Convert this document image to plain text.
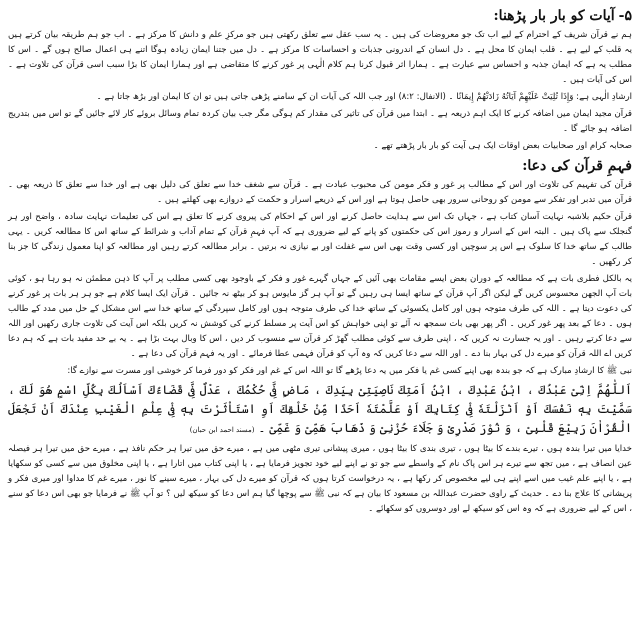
۵-آیات کو بار بار پڑھنا:

ہم نے قرآن شریف کے احترام کے لیے اب تک جو معروضات کی ہیں ۔ یہ سب عقل سے تعلق رکھتی ہیں جو مرکزِ علم و دانش کا مرکز ہے ۔ اب جو ہم طریقہ بیان کرتے ہیں یہ قلب کے لیے ہے ۔ قلب ایمان کا محل ہے ۔ دل انسان کے اندرونی جذبات و احساسات کا مرکز ہے ۔ دل میں جتنا ایمان زیادہ ہوگا اتنے ہی اعمال صالح ہوں گے ۔ اس کا مطلب یہ ہے کہ ایمان جذبہ و احساس سے عبارت ہے ۔ ہمارا اثر قبول کرنا ہم کلام الٰہی پر غور کرنے کا متقاضی ہے اور ہمارا ایمان کا بڑا سبب اسی قرآن کی تلاوت ہے ۔ اس کی آیات ہیں ۔

ارشادِ الٰہی ہے: وَإِذَا تُلِيَتْ عَلَيْهِمْ آيَاتُهُ زَادَتْهُمْ إِيمَانًا ۔ (الانفال: ۸:۲) اور جب اللہ کی آیات ان کے سامنے پڑھی جاتی ہیں تو ان کا ایمان اور بڑھ جاتا ہے ۔

قرآن مجید ایمان میں اضافہ کرنے کا ایک اہم ذریعہ ہے ۔ ابتدا میں قرآن کی تاثیر کی مقدار کم ہوگی مگر جب بیان کردہ تمام وسائل بروئے کار لائے جائیں گے تو اس میں بتدریج اضافہ ہو جائے گا ۔

صحابہ کرام اور صحابیات بعض اوقات ایک ہی آیت کو بار بار پڑھتے تھے ۔

فہمِ قرآن کی دعا:

قرآن کی تفہیم کی تلاوت اور اس کے مطالب پر غور و فکر مومن کی محبوب عبادت ہے ۔ قرآن سے شغف خدا سے تعلق کی دلیل بھی ہے اور خدا سے تعلق کا ذریعہ بھی ۔ قرآن میں تدبر اور تفکر سے مومن کو روحانی سرور بھی حاصل ہوتا ہے اور اس کے ذریعے اسرار و حکمت کے دروازے بھی کھلتے ہیں ۔

قرآن حکیم بلاشبہ نہایت آسان کتاب ہے ، جہاں تک اس سے ہدایت حاصل کرنے اور اس کے احکام کی پیروی کرنے کا تعلق ہے اس کی تعلیمات نہایت سادہ ، واضح اور ہر گنجلک سے پاک ہیں ۔ البتہ اس کے اسرار و رموز اس کی حکمتوں کو پانے کے لیے ضروری ہے کہ آپ فہمِ قرآن کے تمام آداب و شرائط کے ساتھ اس کا مطالعہ کریں ۔ یہی طالب کے ساتھ خدا کا سلوک ہے اس پر سوچیں اور کسی وقت بھی اس سے غفلت اور بے نیازی نہ برتیں ۔ برابر مطالعہ کرتے رہیں اور مطالعہ کو اپنا معمول زندگی کا جز بنا کر رکھیں ۔

یہ بالکل فطری بات ہے کہ مطالعہ کے دوران بعض ایسے مقامات بھی آئیں کے جہاں گہرے غور و فکر کے باوجود بھی کسی مطلب پر آپ کا ذہن مطمئن نہ ہو رہا ہو ، کوئی بات آپ الجھن محسوس کریں گے لیکن اگر آپ قرآن کے ساتھ ایسا ہی رہیں گے تو آپ ہر گز مایوس ہو کر بیٹھ نہ جائیں ۔ قرآن ایک ایسا کلام ہے جو ہر ہر بات پر غور کرنے کی دعوت دیتا ہے ۔ اللہ کی طرف متوجہ ہوں اور کامل یکسوئی کے ساتھ خدا کی طرف متوجہ ہوں اور کامل سپردگی کے ساتھ خدا سے اس مشکل کے حل میں مدد کے طالب ہوں ۔ دعا کے بعد پھر غور کریں ۔ اگر پھر بھی بات سمجھ نہ آئے تو اپنی خواہش کو اس آیت پر مسلط کرنے کی کوشش نہ کریں بلکہ اس آیت کی تلاوت جاری رکھیں اور اللہ سے دعا کرتے رہیں ۔ اور یہ جسارت نہ کریں کہ ، اپنی طرف سے کوئی مطلب گھڑ کر قرآن سے منسوب کر دیں ، اس کا وبال بہت بڑا ہے ۔ یہ بے حد مفید بات ہے کہ ہم دعا کریں اے اللہ قرآن کو میرے دل کی بہار بنا دے ۔ اور اللہ سے دعا کریں کہ وہ آپ کو قرآن فہمی عطا فرمائے ۔ اور یہ فہم قرآن کی دعا ہے ۔

نبی ﷺ کا ارشادِ مبارک ہے کہ جو بندہ بھی اپنے کسی غم یا فکر میں یہ دعا پڑھے گا تو اللہ اس کے غم اور فکر کو دور فرما کر خوشی اور مسرت سے نوازے گا:

اَللّٰهُمَّ اِنِّیْ عَبْدُكَ ، ابْنُ عَبْدِكَ ، ابْنُ اَمَتِكَ نَاصِیَتِیْ بِیَدِكَ ، مَاضٍ فِیَّ حُكْمُكَ ، عَدْلٌ فِیَّ قَضَاءُكَ اَسْاَلُكَ بِكُلِّ اسْمٍ هُوَ لَكَ ، سَمَّیْتَ بِهٖ نَفْسَكَ اَوْ اَنْزَلْتَهٗ فِیْ كِتَابِكَ اَوْ عَلَّمْتَهٗ اَحَدًا مِّنْ خَلْقِكَ اَوِ اسْتَاْثَرْتَ بِهٖ فِیْ عِلْمِ الْغَیْبِ عِنْدَكَ اَنْ تَجْعَلَ الْقُرْاٰنَ رَبِیْعَ قَلْبِیْ ، وَ نُوْرَ صَدْرِیْ وَ جَلَاءَ حُزْنِیْ وَ ذَهَابَ هَمِّیْ وَ غَمِّیْ ۔ (مسند احمد ابن حبان)

خدایا میں تیرا بندہ ہوں ، تیرے بندے کا بیٹا ہوں ، تیری بندی کا بیٹا ہوں ، میری پیشانی تیری مٹھی میں ہے ، میرے حق میں تیرا ہر حکم نافذ ہے ، میرے حق میں تیرا ہر فیصلہ عین انصاف ہے ، میں تجھ سے تیرے ہر اس پاک نام کے واسطے سے جو تو نے اپنے لیے خود تجویز فرمایا ہے ، یا اپنی کتاب میں اتارا ہے ، یا اپنی مخلوق میں سے کسی کو سکھایا ہے ، یا اپنے علم غیب میں اسے اپنے ہی لیے مخصوص کر رکھا ہے ، یہ درخواست کرتا ہوں کہ قرآن کو میرے دل کی بہار ، میرے سینے کا نور ، میرے غم کا مداوا اور میری فکر و پریشانی کا علاج بنا دے ۔ حدیث کے راوی حضرت عبداللہ بن مسعود کا بیان ہے کہ نبی ﷺ سے پوچھا گیا ہم اس دعا کو سیکھ لیں ؟ تو آپ ﷺ نے فرمایا جو بھی اس دعا کو سنے ، اس کے لیے ضروری ہے کہ وہ اس کو سیکھ لے اور دوسروں کو سکھائے ۔
